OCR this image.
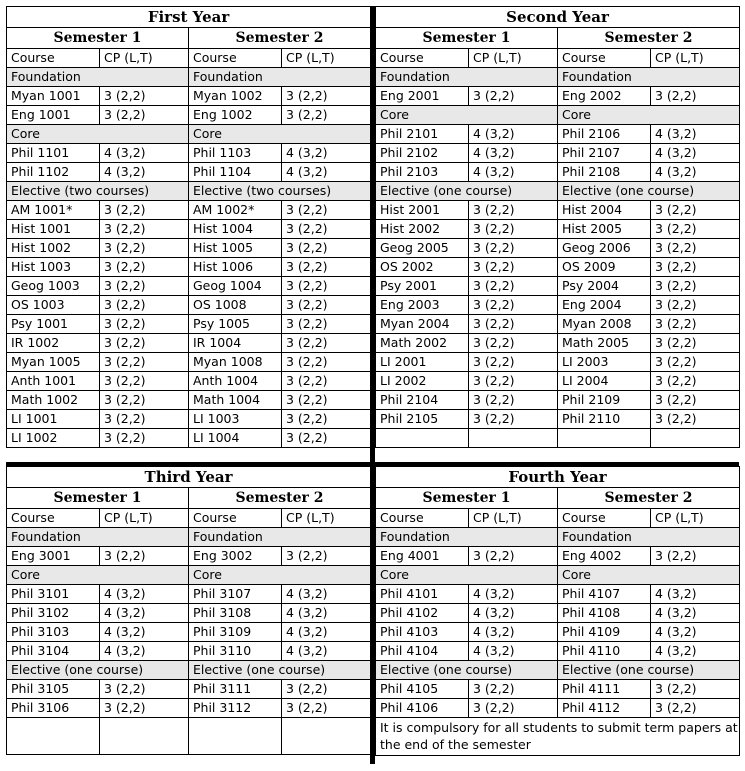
First Year			
Semester 1		Semester 2	
Course	CP (L,T)	Course	CP (L,T)
Foundation		Foundation	
Myan 1001	3 (2,2)	Myan 1002	3 (2,2)
Eng 1001	3 (2,2)	Eng 1002	3 (2,2)
Core		Core	
Phil 1101	4 (3,2)	Phil 1103	4 (3,2)
Phil 1102	4 (3,2)	Phil 1104	4 (3,2)
Elective (two courses)		Elective (two courses)	
AM 1001*	3 (2,2)	AM 1002*	3 (2,2)
Hist 1001	3 (2,2)	Hist 1004	3 (2,2)
Hist 1002	3 (2,2)	Hist 1005	3 (2,2)
Hist 1003	3 (2,2)	Hist 1006	3 (2,2)
Geog 1003	3 (2,2)	Geog 1004	3 (2,2)
OS 1003	3 (2,2)	OS 1008	3 (2,2)
Psy 1001	3 (2,2)	Psy 1005	3 (2,2)
IR 1002	3 (2,2)	IR 1004	3 (2,2)
Myan 1005	3 (2,2)	Myan 1008	3 (2,2)
Anth 1001	3 (2,2)	Anth 1004	3 (2,2)
Math 1002	3 (2,2)	Math 1004	3 (2,2)
LI 1001	3 (2,2)	LI 1003	3 (2,2)
LI 1002	3 (2,2)	LI 1004	3 (2,2)
Second Year			
Semester 1		Semester 2	
Course	CP (L,T)	Course	CP (L,T)
Foundation		Foundation	
Eng 2001	3 (2,2)	Eng 2002	3 (2,2)
Core		Core	
Phil 2101	4 (3,2)	Phil 2106	4 (3,2)
Phil 2102	4 (3,2)	Phil 2107	4 (3,2)
Phil 2103	4 (3,2)	Phil 2108	4 (3,2)
Elective (one course)		Elective (one course)	
Hist 2001	3 (2,2)	Hist 2004	3 (2,2)
Hist 2002	3 (2,2)	Hist 2005	3 (2,2)
Geog 2005	3 (2,2)	Geog 2006	3 (2,2)
OS 2002	3 (2,2)	OS 2009	3 (2,2)
Psy 2001	3 (2,2)	Psy 2004	3 (2,2)
Eng 2003	3 (2,2)	Eng 2004	3 (2,2)
Myan 2004	3 (2,2)	Myan 2008	3 (2,2)
Math 2002	3 (2,2)	Math 2005	3 (2,2)
LI 2001	3 (2,2)	LI 2003	3 (2,2)
LI 2002	3 (2,2)	LI 2004	3 (2,2)
Phil 2104	3 (2,2)	Phil 2109	3 (2,2)
Phil 2105	3 (2,2)	Phil 2110	3 (2,2)

Third Year			
Semester 1		Semester 2	
Course	CP (L,T)	Course	CP (L,T)
Foundation		Foundation	
Eng 3001	3 (2,2)	Eng 3002	3 (2,2)
Core		Core	
Phil 3101	4 (3,2)	Phil 3107	4 (3,2)
Phil 3102	4 (3,2)	Phil 3108	4 (3,2)
Phil 3103	4 (3,2)	Phil 3109	4 (3,2)
Phil 3104	4 (3,2)	Phil 3110	4 (3,2)
Elective (one course)		Elective (one course)	
Phil 3105	3 (2,2)	Phil 3111	3 (2,2)
Phil 3106	3 (2,2)	Phil 3112	3 (2,2)

Fourth Year			
Semester 1		Semester 2	
Course	CP (L,T)	Course	CP (L,T)
Foundation		Foundation	
Eng 4001	3 (2,2)	Eng 4002	3 (2,2)
Core		Core	
Phil 4101	4 (3,2)	Phil 4107	4 (3,2)
Phil 4102	4 (3,2)	Phil 4108	4 (3,2)
Phil 4103	4 (3,2)	Phil 4109	4 (3,2)
Phil 4104	4 (3,2)	Phil 4110	4 (3,2)
Elective (one course)		Elective (one course)	
Phil 4105	3 (2,2)	Phil 4111	3 (2,2)
Phil 4106	3 (2,2)	Phil 4112	3 (2,2)
It is compulsory for all students to submit term papers at the end of the semester			
